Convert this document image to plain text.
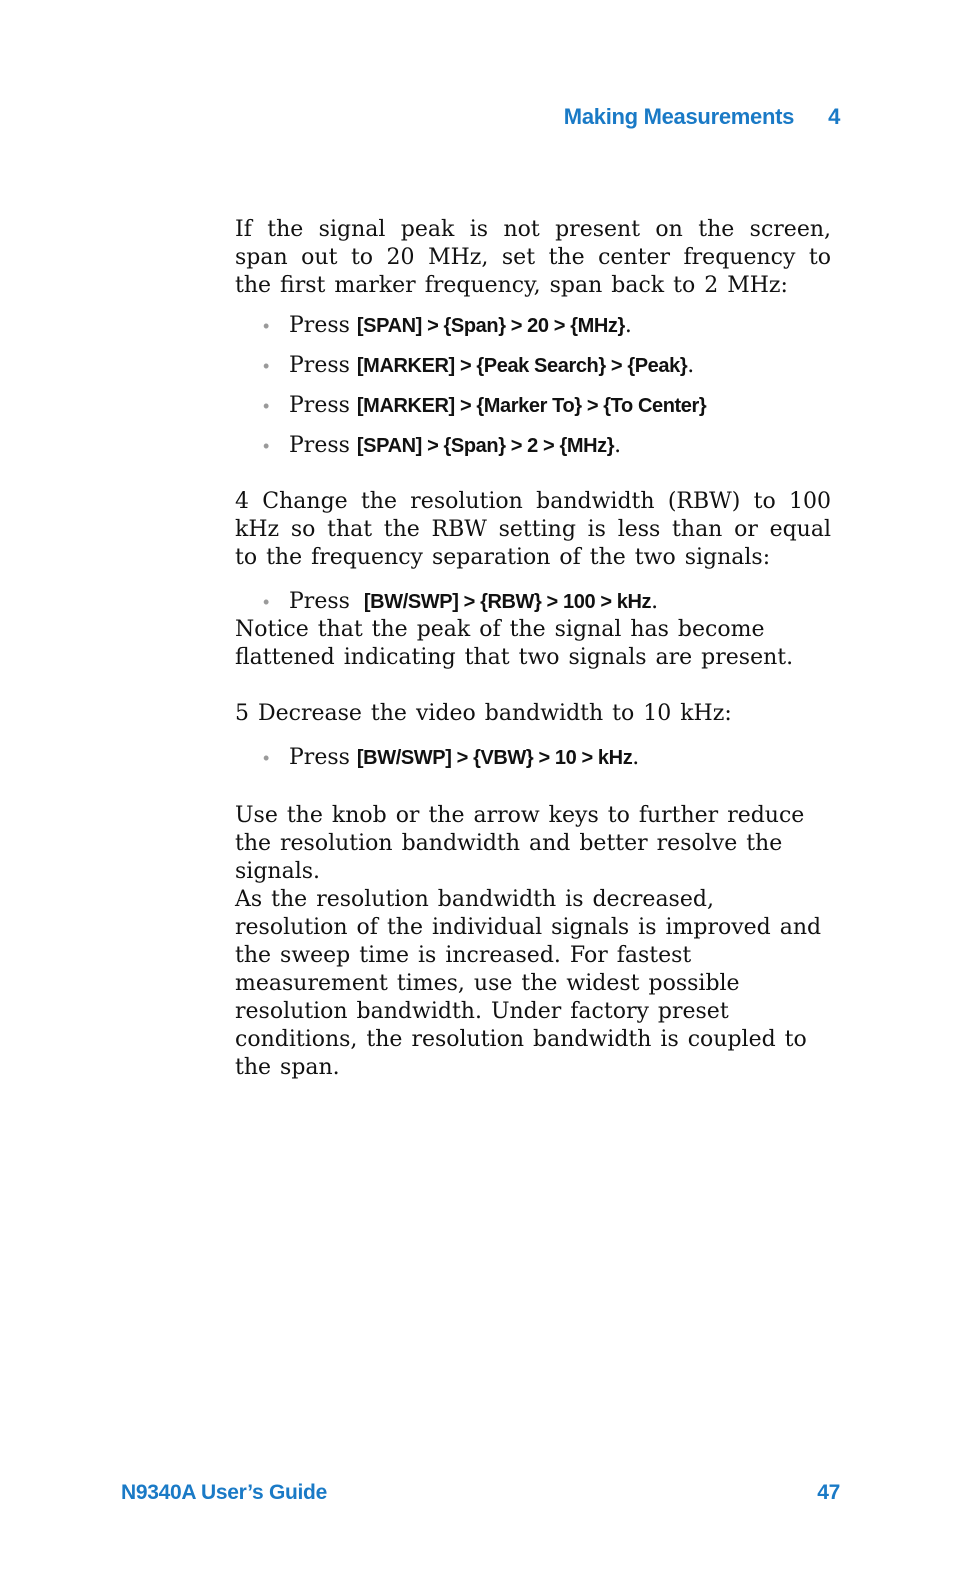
Making Measurements 4

If the signal peak is not present on the screen, span out to 20 MHz, set the center frequency to the first marker frequency, span back to 2 MHz:

• Press [SPAN] > {Span} > 20 > {MHz}.
• Press [MARKER] > {Peak Search} > {Peak}.
• Press [MARKER] > {Marker To} > {To Center}
• Press [SPAN] > {Span} > 2 > {MHz}.

4 Change the resolution bandwidth (RBW) to 100 kHz so that the RBW setting is less than or equal to the frequency separation of the two signals:

• Press [BW/SWP] > {RBW} > 100 > kHz.

Notice that the peak of the signal has become flattened indicating that two signals are present.

5 Decrease the video bandwidth to 10 kHz:

• Press [BW/SWP] > {VBW} > 10 > kHz.

Use the knob or the arrow keys to further reduce the resolution bandwidth and better resolve the signals.

As the resolution bandwidth is decreased, resolution of the individual signals is improved and the sweep time is increased. For fastest measurement times, use the widest possible resolution bandwidth. Under factory preset conditions, the resolution bandwidth is coupled to the span.

N9340A User’s Guide	47
